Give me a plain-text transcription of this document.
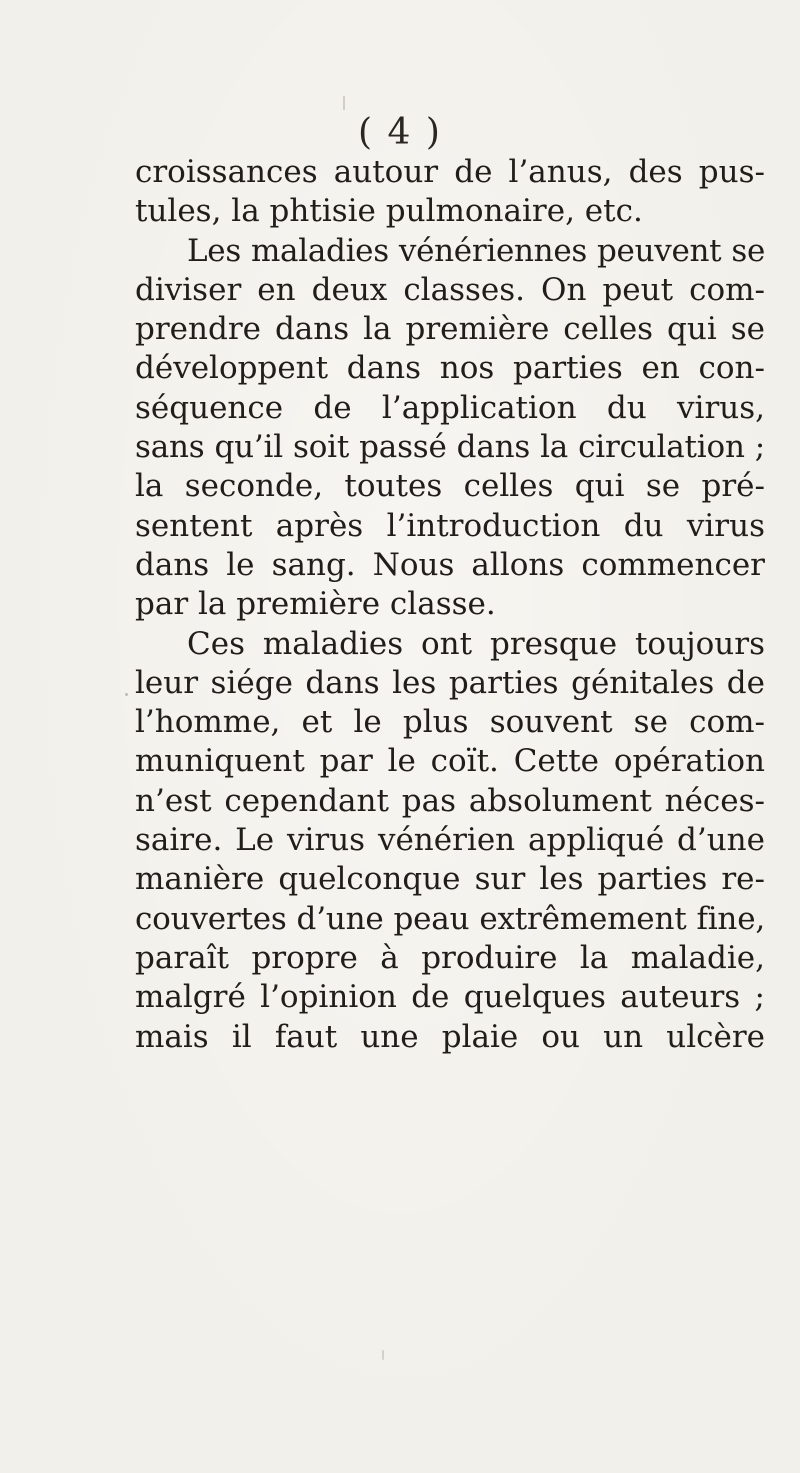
( 4 )
croissances autour de l’anus, des pus-
tules, la phtisie pulmonaire, etc.
Les maladies vénériennes peuvent se
diviser en deux classes. On peut com-
prendre dans la première celles qui se
développent dans nos parties en con-
séquence de l’application du virus,
sans qu’il soit passé dans la circulation ;
la seconde, toutes celles qui se pré-
sentent après l’introduction du virus
dans le sang. Nous allons commencer
par la première classe.
Ces maladies ont presque toujours
leur siége dans les parties génitales de
l’homme, et le plus souvent se com-
muniquent par le coït. Cette opération
n’est cependant pas absolument néces-
saire. Le virus vénérien appliqué d’une
manière quelconque sur les parties re-
couvertes d’une peau extrêmement fine,
paraît propre à produire la maladie,
malgré l’opinion de quelques auteurs ;
mais il faut une plaie ou un ulcère
